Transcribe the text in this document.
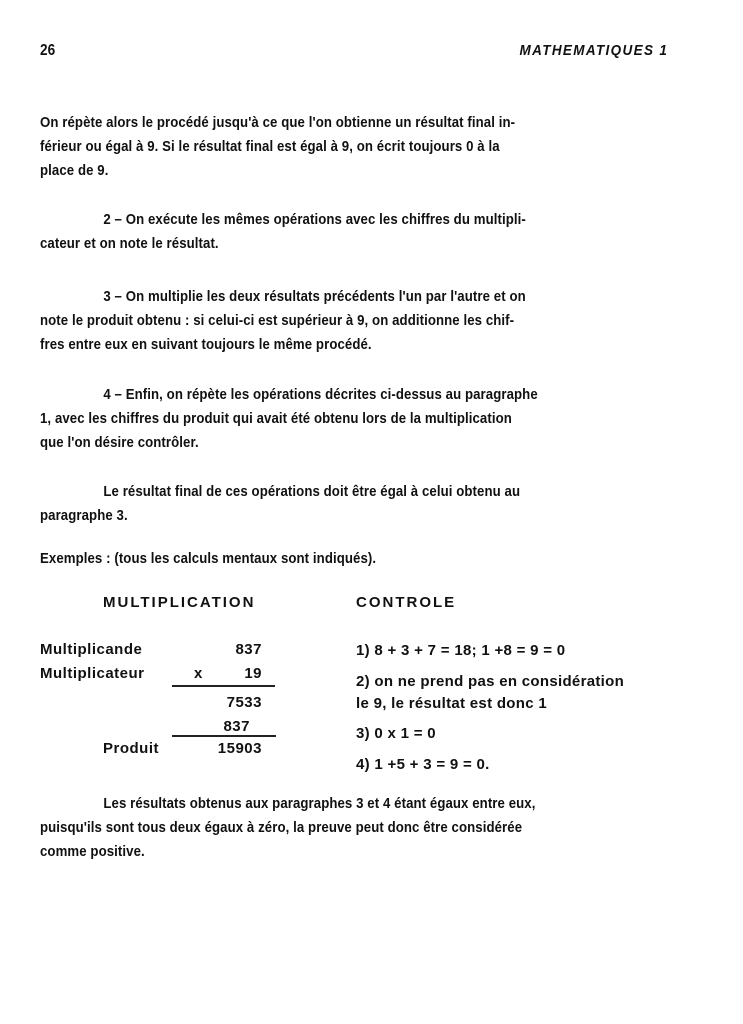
26	MATHEMATIQUES 1

On répète alors le procédé jusqu'à ce que l'on obtienne un résultat final in-

férieur ou égal à 9. Si le résultat final est égal à 9, on écrit toujours 0 à la

place de 9.

2 – On exécute les mêmes opérations avec les chiffres du multipli-

cateur et on note le résultat.

3 – On multiplie les deux résultats précédents l'un par l'autre et on

note le produit obtenu : si celui-ci est supérieur à 9, on additionne les chif-

fres entre eux en suivant toujours le même procédé.

4 – Enfin, on répète les opérations décrites ci-dessus au paragraphe

1, avec les chiffres du produit qui avait été obtenu lors de la multiplication

que l'on désire contrôler.

Le résultat final de ces opérations doit être égal à celui obtenu au

paragraphe 3.

Exemples : (tous les calculs mentaux sont indiqués).

MULTIPLICATION
Multiplicande	837
Multiplicateur	x	19
7533
837
Produit	15903
CONTROLE
1) 8 + 3 + 7 = 18; 1 +8 = 9 = 0
2) on ne prend pas en considération
le 9, le résultat est donc 1
3) 0 x 1 = 0
4) 1 +5 + 3 = 9 = 0.

Les résultats obtenus aux paragraphes 3 et 4 étant égaux entre eux,

puisqu'ils sont tous deux égaux à zéro, la preuve peut donc être considérée

comme positive.
